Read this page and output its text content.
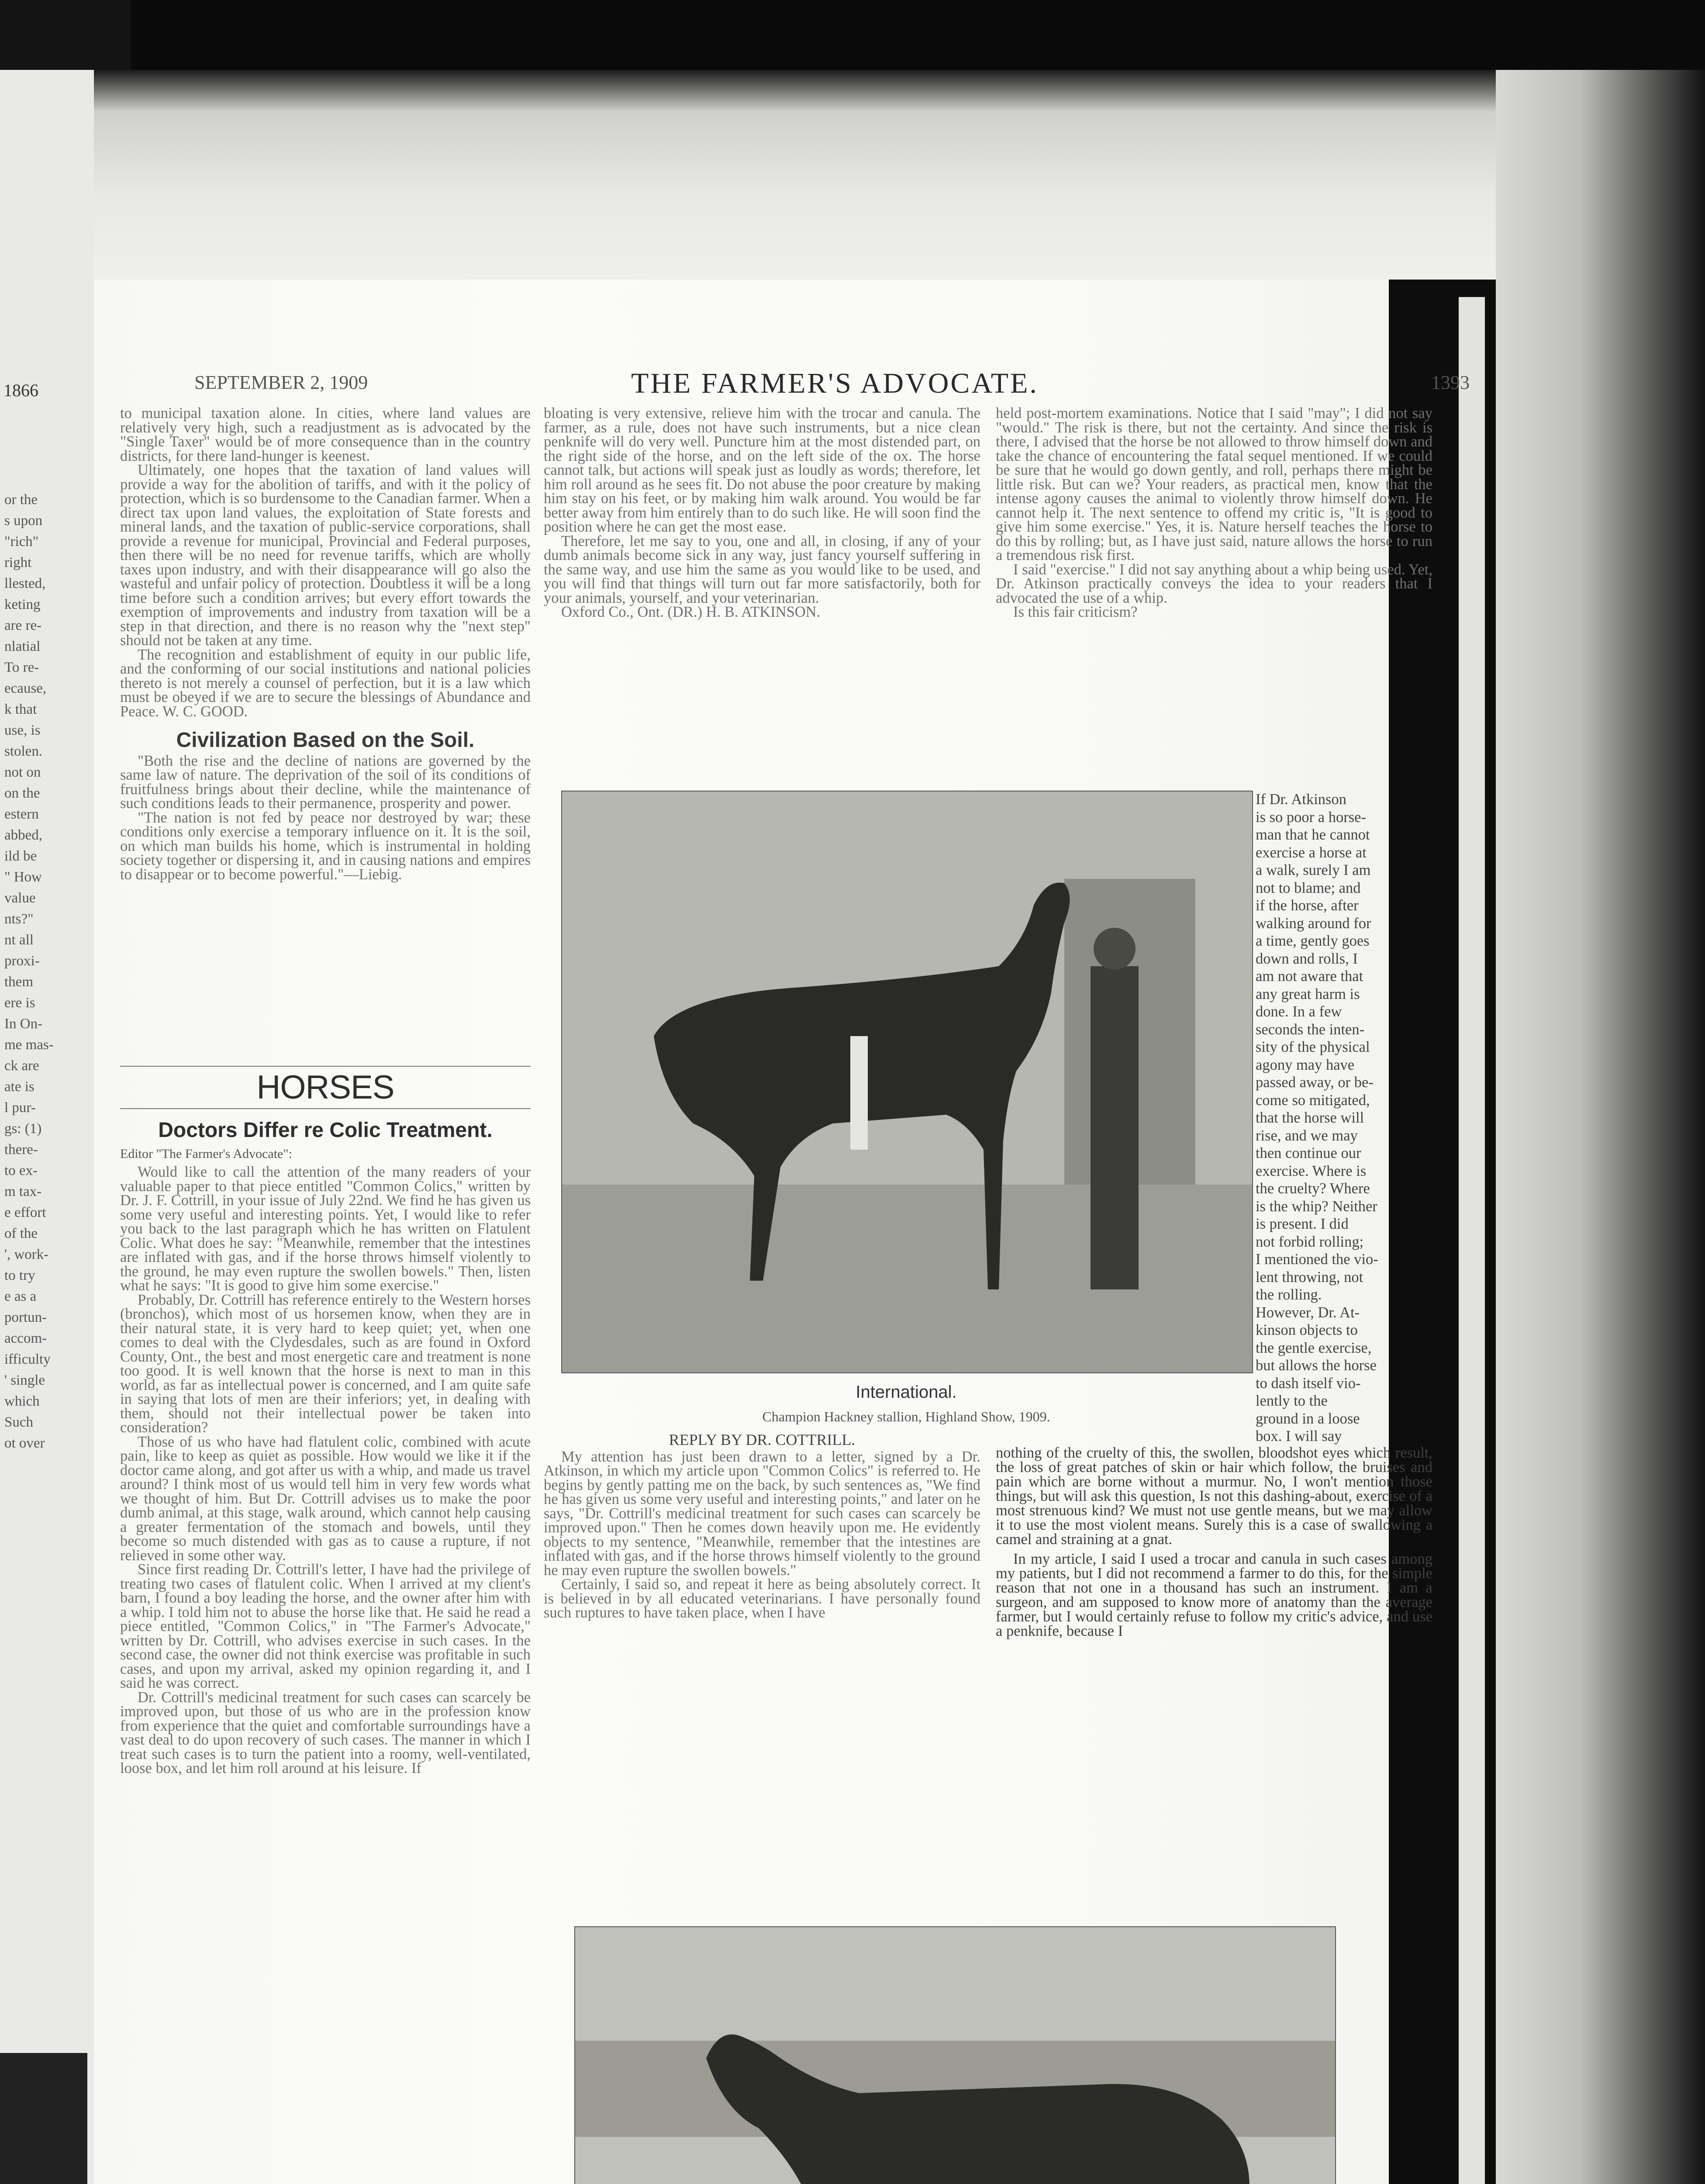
1866
or the
s upon
"rich"
right
llested,
keting
are re-
nlatial
To re-
ecause,
k that
use, is
stolen.
not on
on the
estern
abbed,
ild be
" How
value
nts?"
nt all
proxi-
them
ere is
In On-
me mas-
ck are
ate is
l pur-
gs: (1)
there-
to ex-
m tax-
e effort
of the
', work-
to try
e as a
portun-
accom-
ifficulty
' single
which
Such
ot over
SEPTEMBER 2, 1909	THE FARMER'S ADVOCATE.	1393

to municipal taxation alone. In cities, where land values are relatively very high, such a readjustment as is advocated by the "Single Taxer" would be of more consequence than in the country districts, for there land-hunger is keenest.

Ultimately, one hopes that the taxation of land values will provide a way for the abolition of tariffs, and with it the policy of protection, which is so burdensome to the Canadian farmer. When a direct tax upon land values, the exploitation of State forests and mineral lands, and the taxation of public-service corporations, shall provide a revenue for municipal, Provincial and Federal purposes, then there will be no need for revenue tariffs, which are wholly taxes upon industry, and with their disappearance will go also the wasteful and unfair policy of protection. Doubtless it will be a long time before such a condition arrives; but every effort towards the exemption of improvements and industry from taxation will be a step in that direction, and there is no reason why the "next step" should not be taken at any time.

The recognition and establishment of equity in our public life, and the conforming of our social institutions and national policies thereto is not merely a counsel of perfection, but it is a law which must be obeyed if we are to secure the blessings of Abundance and Peace. W. C. GOOD.

Civilization Based on the Soil.

"Both the rise and the decline of nations are governed by the same law of nature. The deprivation of the soil of its conditions of fruitfulness brings about their decline, while the maintenance of such conditions leads to their permanence, prosperity and power.

"The nation is not fed by peace nor destroyed by war; these conditions only exercise a temporary influence on it. It is the soil, on which man builds his home, which is instrumental in holding society together or dispersing it, and in causing nations and empires to disappear or to become powerful."—Liebig.

HORSES
Doctors Differ re Colic Treatment.
Editor "The Farmer's Advocate":

Would like to call the attention of the many readers of your valuable paper to that piece entitled "Common Colics," written by Dr. J. F. Cottrill, in your issue of July 22nd. We find he has given us some very useful and interesting points. Yet, I would like to refer you back to the last paragraph which he has written on Flatulent Colic. What does he say: "Meanwhile, remember that the intestines are inflated with gas, and if the horse throws himself violently to the ground, he may even rupture the swollen bowels." Then, listen what he says: "It is good to give him some exercise."

Probably, Dr. Cottrill has reference entirely to the Western horses (bronchos), which most of us horsemen know, when they are in their natural state, it is very hard to keep quiet; yet, when one comes to deal with the Clydesdales, such as are found in Oxford County, Ont., the best and most energetic care and treatment is none too good. It is well known that the horse is next to man in this world, as far as intellectual power is concerned, and I am quite safe in saying that lots of men are their inferiors; yet, in dealing with them, should not their intellectual power be taken into consideration?

Those of us who have had flatulent colic, combined with acute pain, like to keep as quiet as possible. How would we like it if the doctor came along, and got after us with a whip, and made us travel around? I think most of us would tell him in very few words what we thought of him. But Dr. Cottrill advises us to make the poor dumb animal, at this stage, walk around, which cannot help causing a greater fermentation of the stomach and bowels, until they become so much distended with gas as to cause a rupture, if not relieved in some other way.

Since first reading Dr. Cottrill's letter, I have had the privilege of treating two cases of flatulent colic. When I arrived at my client's barn, I found a boy leading the horse, and the owner after him with a whip. I told him not to abuse the horse like that. He said he read a piece entitled, "Common Colics," in "The Farmer's Advocate," written by Dr. Cottrill, who advises exercise in such cases. In the second case, the owner did not think exercise was profitable in such cases, and upon my arrival, asked my opinion regarding it, and I said he was correct.

Dr. Cottrill's medicinal treatment for such cases can scarcely be improved upon, but those of us who are in the profession know from experience that the quiet and comfortable surroundings have a vast deal to do upon recovery of such cases. The manner in which I treat such cases is to turn the patient into a roomy, well-ventilated, loose box, and let him roll around at his leisure. If

bloating is very extensive, relieve him with the trocar and canula. The farmer, as a rule, does not have such instruments, but a nice clean penknife will do very well. Puncture him at the most distended part, on the right side of the horse, and on the left side of the ox. The horse cannot talk, but actions will speak just as loudly as words; therefore, let him roll around as he sees fit. Do not abuse the poor creature by making him stay on his feet, or by making him walk around. You would be far better away from him entirely than to do such like. He will soon find the position where he can get the most ease.

Therefore, let me say to you, one and all, in closing, if any of your dumb animals become sick in any way, just fancy yourself suffering in the same way, and use him the same as you would like to be used, and you will find that things will turn out far more satisfactorily, both for your animals, yourself, and your veterinarian.

Oxford Co., Ont. (DR.) H. B. ATKINSON.

held post-mortem examinations. Notice that I said "may"; I did not say "would." The risk is there, but not the certainty. And since the risk is there, I advised that the horse be not allowed to throw himself down and take the chance of encountering the fatal sequel mentioned. If we could be sure that he would go down gently, and roll, perhaps there might be little risk. But can we? Your readers, as practical men, know that the intense agony causes the animal to violently throw himself down. He cannot help it. The next sentence to offend my critic is, "It is good to give him some exercise." Yes, it is. Nature herself teaches the horse to do this by rolling; but, as I have just said, nature allows the horse to run a tremendous risk first.

I said "exercise." I did not say anything about a whip being used. Yet, Dr. Atkinson practically conveys the idea to your readers that I advocated the use of a whip.

Is this fair criticism?

International.
Champion Hackney stallion, Highland Show, 1909.

If Dr. Atkinson

is so poor a horse-

man that he cannot

exercise a horse at

a walk, surely I am

not to blame; and

if the horse, after

walking around for

a time, gently goes

down and rolls, I

am not aware that

any great harm is

done. In a few

seconds the inten-

sity of the physical

agony may have

passed away, or be-

come so mitigated,

that the horse will

rise, and we may

then continue our

exercise. Where is

the cruelty? Where

is the whip? Neither

is present. I did

not forbid rolling;

I mentioned the vio-

lent throwing, not

the rolling.

However, Dr. At-

kinson objects to

the gentle exercise,

but allows the horse

to dash itself vio-

lently to the

ground in a loose

box. I will say

REPLY BY DR. COTTRILL.

My attention has just been drawn to a letter, signed by a Dr. Atkinson, in which my article upon "Common Colics" is referred to. He begins by gently patting me on the back, by such sentences as, "We find he has given us some very useful and interesting points," and later on he says, "Dr. Cottrill's medicinal treatment for such cases can scarcely be improved upon." Then he comes down heavily upon me. He evidently objects to my sentence, "Meanwhile, remember that the intestines are inflated with gas, and if the horse throws himself violently to the ground he may even rupture the swollen bowels."

Certainly, I said so, and repeat it here as being absolutely correct. It is believed in by all educated veterinarians. I have personally found such ruptures to have taken place, when I have

nothing of the cruelty of this, the swollen, bloodshot eyes which result, the loss of great patches of skin or hair which follow, the bruises and pain which are borne without a murmur. No, I won't mention those things, but will ask this question, Is not this dashing-about, exercise of a most strenuous kind? We must not use gentle means, but we may allow it to use the most violent means. Surely this is a case of swallowing a camel and straining at a gnat.

In my article, I said I used a trocar and canula in such cases among my patients, but I did not recommend a farmer to do this, for the simple reason that not one in a thousand has such an instrument. I am a surgeon, and am supposed to know more of anatomy than the average farmer, but I would certainly refuse to follow my critic's advice, and use a penknife, because I
